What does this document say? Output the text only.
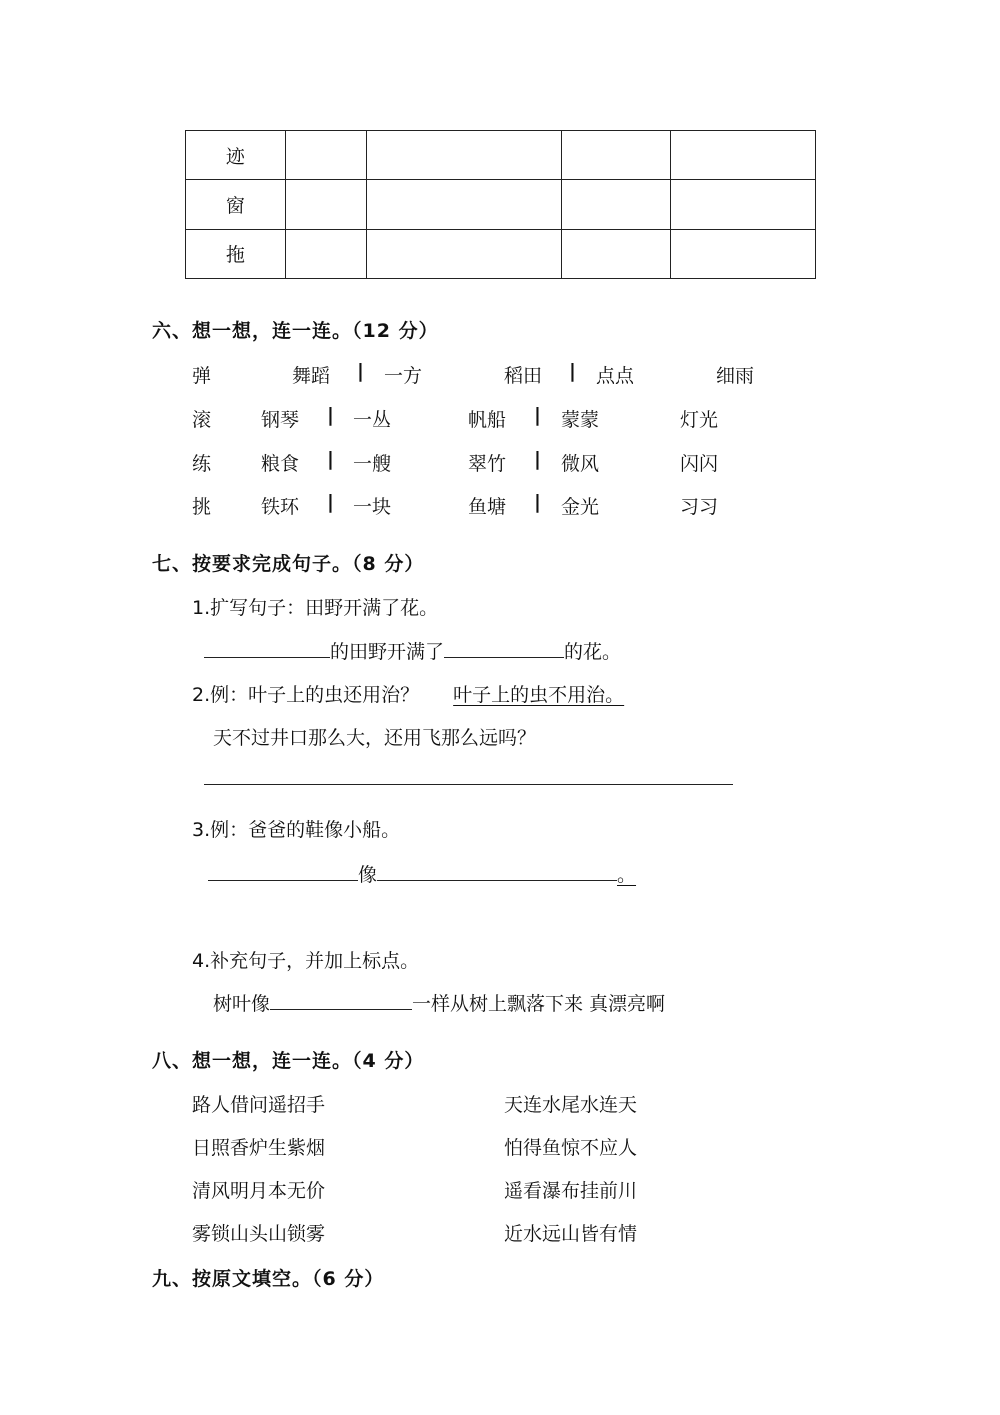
迹				
窗				
拖				
六、想一想，连一连。（12 分）
弹	舞蹈 | 一方	稻田 | 点点	细雨
滚	钢琴 | 一丛	帆船 | 蒙蒙	灯光
练	粮食 | 一艘	翠竹 | 微风	闪闪
挑	铁环 | 一块	鱼塘 | 金光	习习
七、按要求完成句子。（8 分）
1.扩写句子：田野开满了花。
的田野开满了	的花。
2.例：叶子上的虫还用治？ 叶子上的虫不用治。
天不过井口那么大，还用飞那么远吗？
3.例：爸爸的鞋像小船。
像	。
4.补充句子，并加上标点。
树叶像	一样从树上飘落下来 真漂亮啊
八、想一想，连一连。（4 分）
路人借问遥招手	天连水尾水连天
日照香炉生紫烟	怕得鱼惊不应人
清风明月本无价	遥看瀑布挂前川
雾锁山头山锁雾	近水远山皆有情
九、按原文填空。（6 分）
